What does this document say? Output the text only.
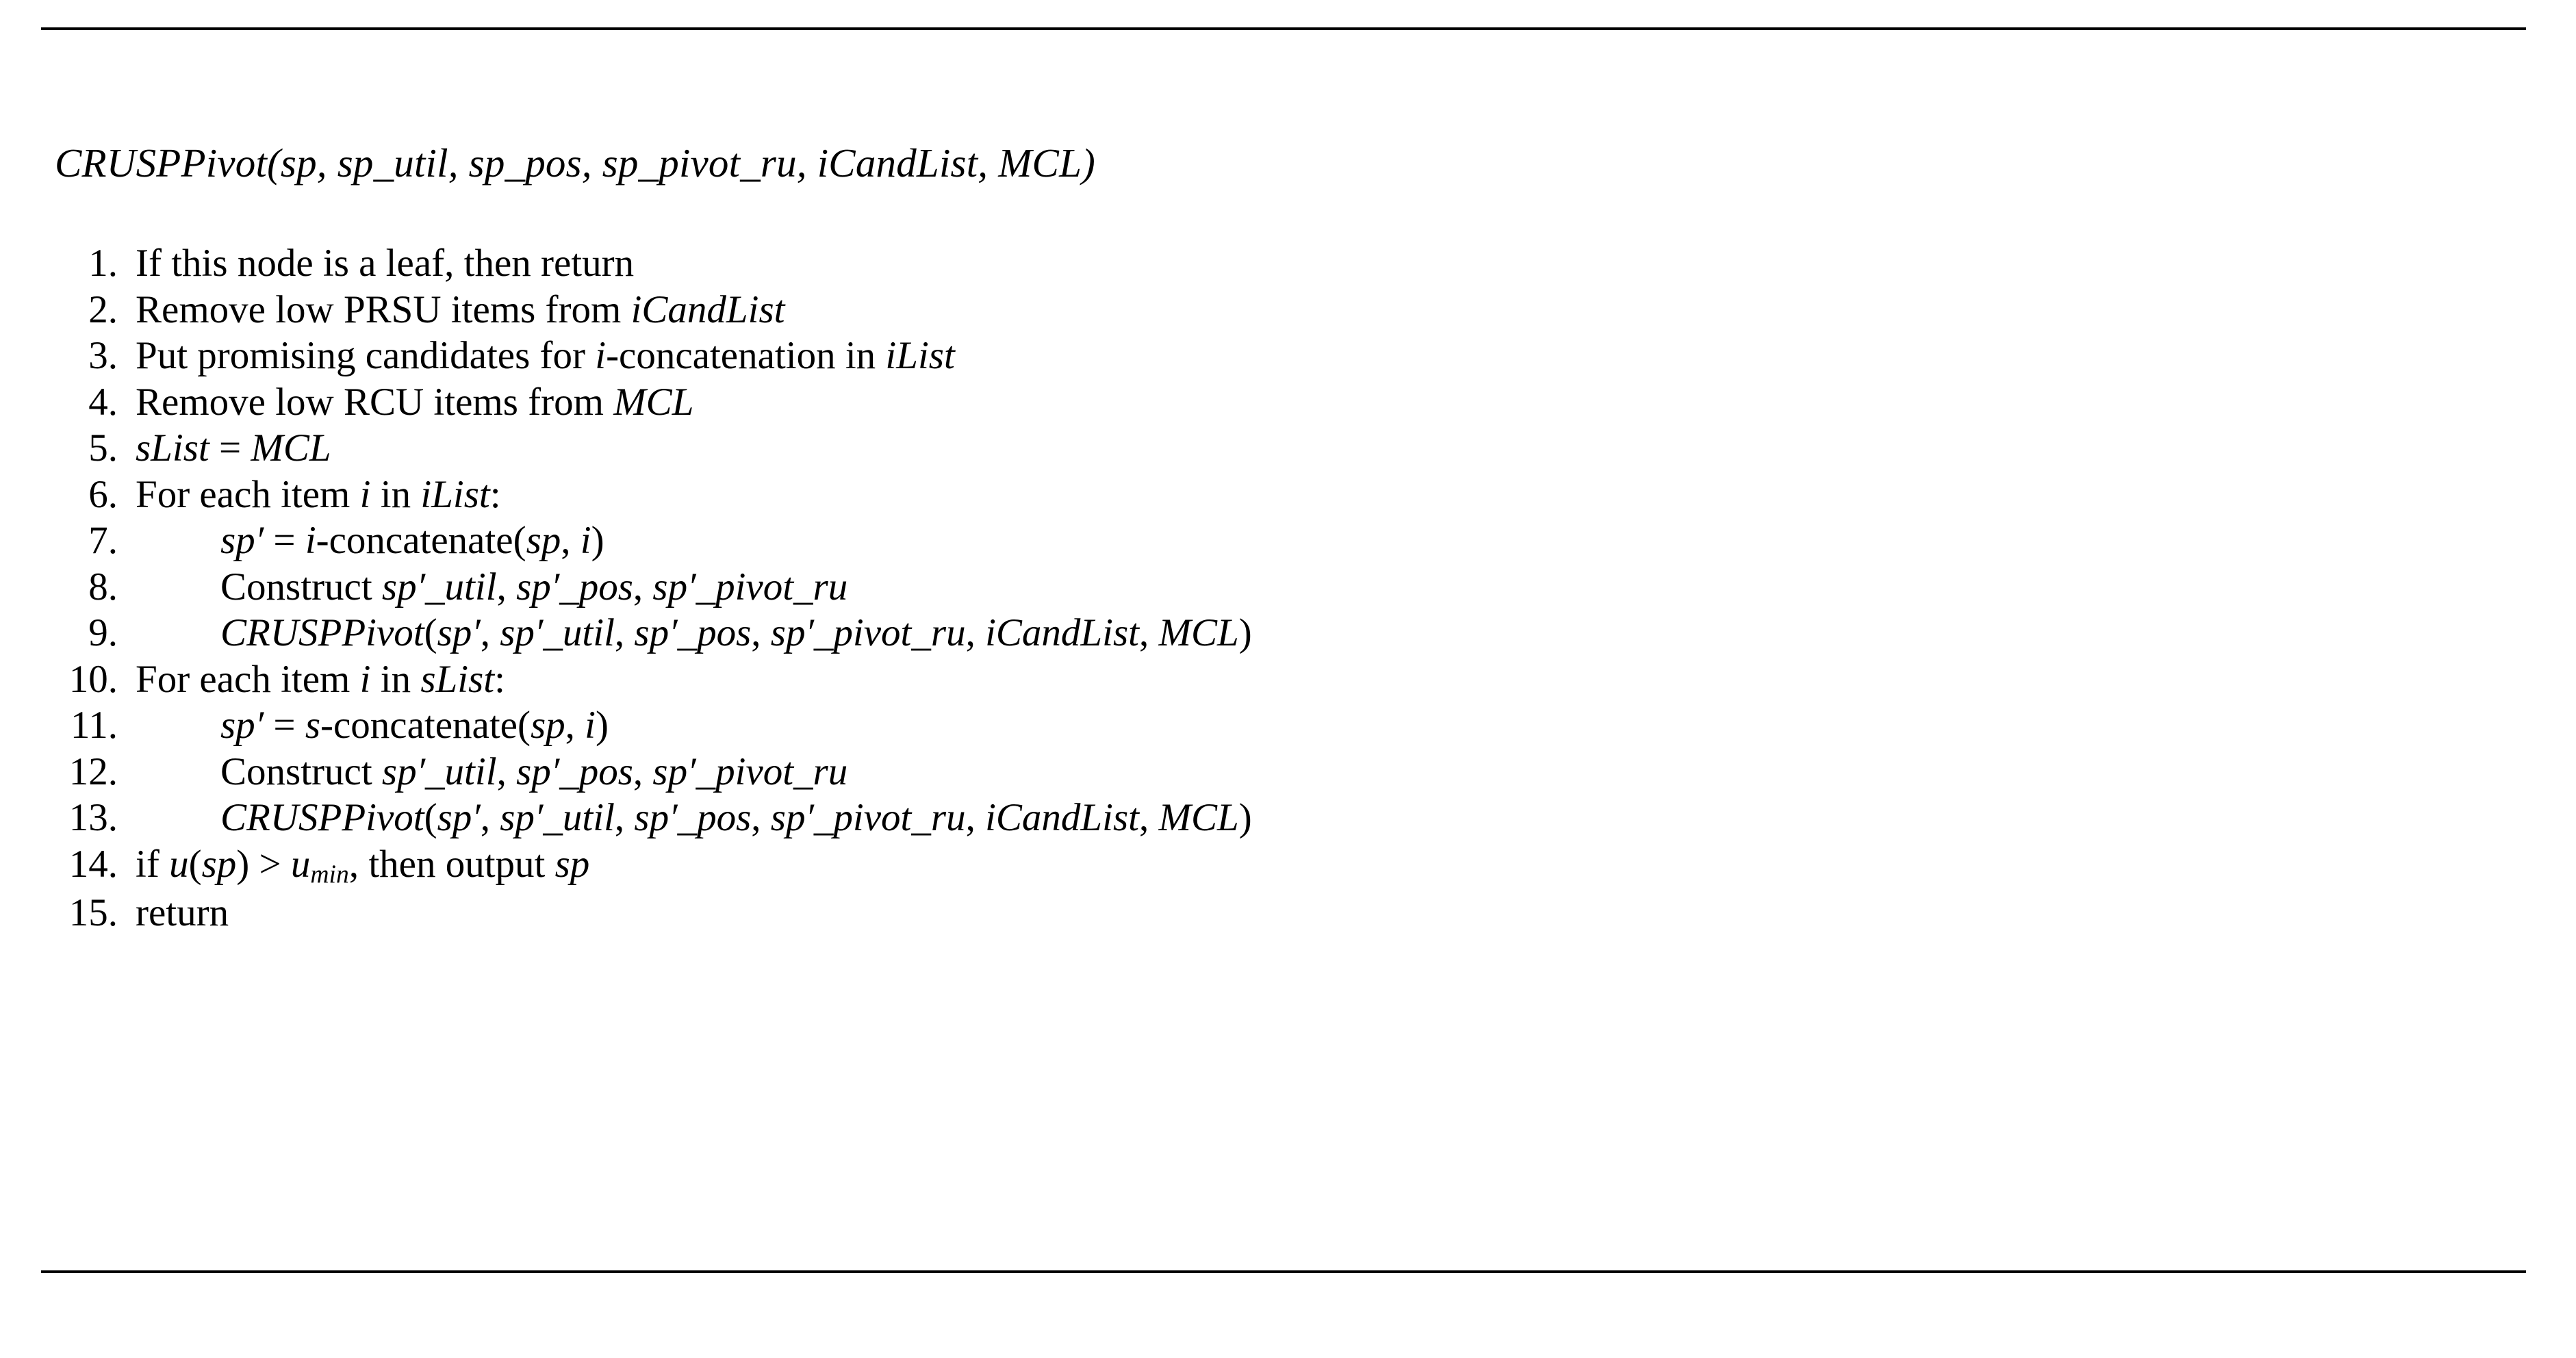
CRUSPPivot(sp, sp_util, sp_pos, sp_pivot_ru, iCandList, MCL)
1. If this node is a leaf, then return
2. Remove low PRSU items from iCandList
3. Put promising candidates for i-concatenation in iList
4. Remove low RCU items from MCL
5. sList = MCL
6. For each item i in iList:
7.	sp′ = i-concatenate(sp, i)
8.	Construct sp′_util, sp′_pos, sp′_pivot_ru
9.	CRUSPPivot(sp′, sp′_util, sp′_pos, sp′_pivot_ru, iCandList, MCL)
10. For each item i in sList:
11.	sp′ = s-concatenate(sp, i)
12.	Construct sp′_util, sp′_pos, sp′_pivot_ru
13.	CRUSPPivot(sp′, sp′_util, sp′_pos, sp′_pivot_ru, iCandList, MCL)
14. if $u(sp) > u_{min}$, then output sp
15. return
